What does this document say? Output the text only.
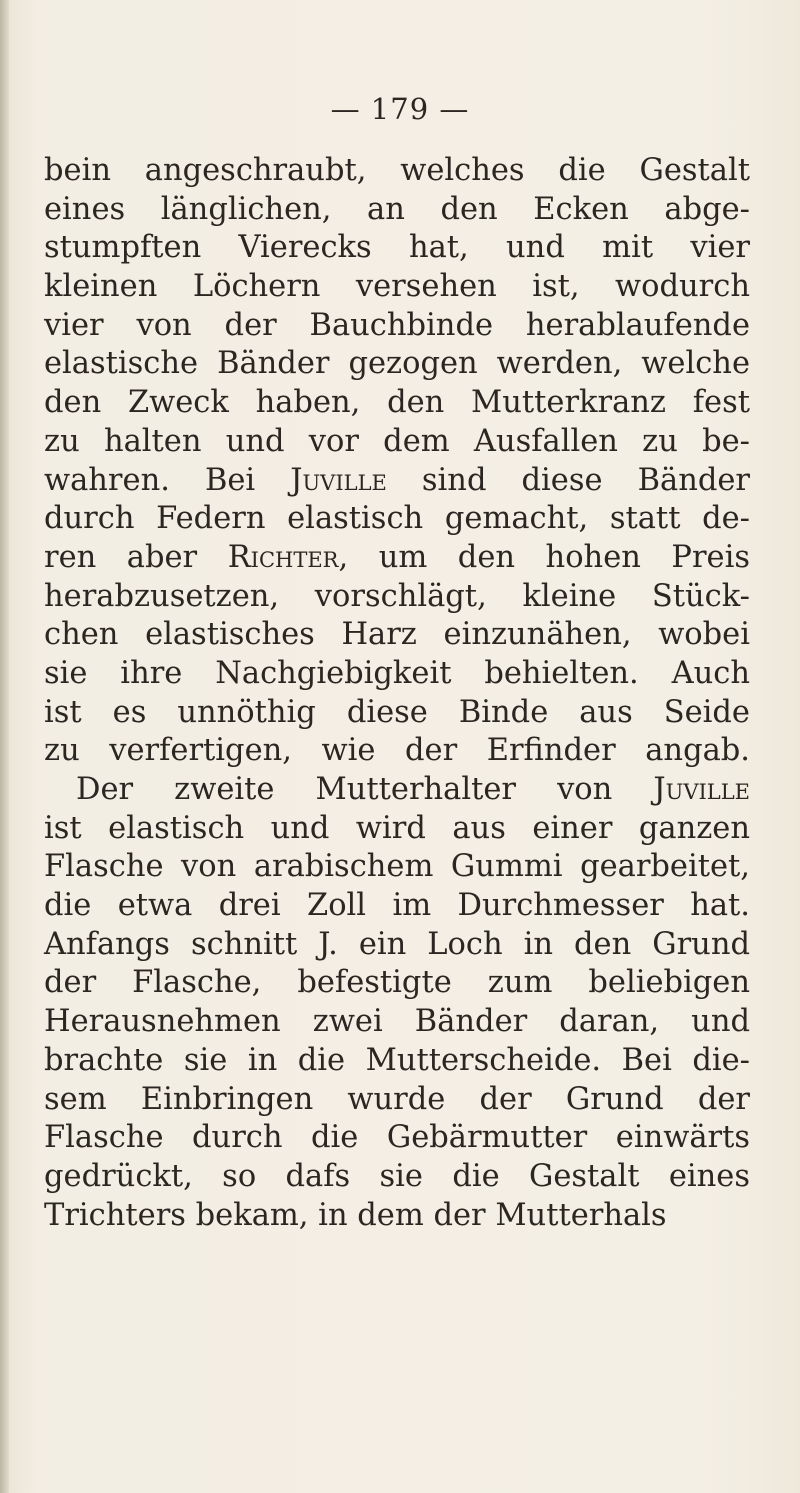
— 179 —
bein angeschraubt, welches die Gestalt
eines länglichen, an den Ecken abge-
stumpften Vierecks hat, und mit vier
kleinen Löchern versehen ist, wodurch
vier von der Bauchbinde herablaufende
elastische Bänder gezogen werden, welche
den Zweck haben, den Mutterkranz fest
zu halten und vor dem Ausfallen zu be-
wahren. Bei Juville sind diese Bänder
durch Federn elastisch gemacht, statt de-
ren aber Richter, um den hohen Preis
herabzusetzen, vorschlägt, kleine Stück-
chen elastisches Harz einzunähen, wobei
sie ihre Nachgiebigkeit behielten. Auch
ist es unnöthig diese Binde aus Seide
zu verfertigen, wie der Erfinder angab.
Der zweite Mutterhalter von Juville
ist elastisch und wird aus einer ganzen
Flasche von arabischem Gummi gearbeitet,
die etwa drei Zoll im Durchmesser hat.
Anfangs schnitt J. ein Loch in den Grund
der Flasche, befestigte zum beliebigen
Herausnehmen zwei Bänder daran, und
brachte sie in die Mutterscheide. Bei die-
sem Einbringen wurde der Grund der
Flasche durch die Gebärmutter einwärts
gedrückt, so dafs sie die Gestalt eines
Trichters bekam, in dem der Mutterhals
